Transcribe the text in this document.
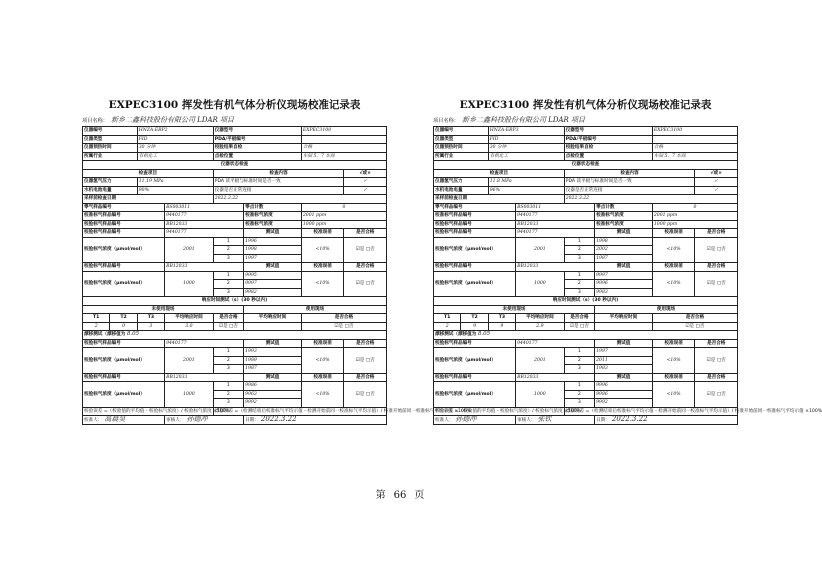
EXPEC3100 挥发性有机气体分析仪现场校准记录表
项目名称： 新乡二鑫科技股份有限公司 LDAR 项目
仪器编号		HNZA-EBP2		仪器型号		EXPEC3100	
仪器类型		FID		PDA/平板编号			
仪器预热时间		30 分钟		校验结果自检		合格	
所属行业		有机化工		点检位置		车间 5、7 车间	
仪器状态检查							
检查项目				检查内容			√或×
仪器氢气压力		11.19 MPa		PDA 读平板与标准时间是否一致			✓
水机电池电量		90%		仪器是否正常连接			✓
采样前检查日期				2022.3.22			
零气样品编号			BS003011		零点计数	0	
校准标气样品编号			9440177		校准标气浓度	2001 ppm	
校验标气样品编号			BB12033		校准标气浓度	1000 ppm	
校验标气样品编号			9440177		测试值	校准误差	是否合格
校验标气浓度（μmol/mol）			2001	1	1996	<10%	☑是 □否
				2	1998		
				3	1997		
校验标气样品编号			BB12033		测试值	校准误差	是否合格
校验标气浓度（μmol/mol）			1000	1	9995	<10%	☑是 □否
				2	9997		
				3	9982		
响应时间测试（s）(30 秒以内)							
未使用现场					使用现场		
T1	T2	T3	平均响应时间	是否合格	平均响应时间	是否合格	
2	0	3	3.0	☑是 □否		☑是 □否	
漂移测试（漂移值为 8.05							
校验标气样品编号			9440177		测试值	校准误差	是否合格
校验标气浓度（μmol/mol）			2001	1	1993	<10%	☑是 □否
				2	1989		
				3	1987		
校验标气样品编号			BB12033		测试值	校准误差	是否合格
校验标气浓度（μmol/mol）			1000	1	9986	<10%	☑是 □否
				2	9963		
				3	9992		
校验误差 =（校验值的平均值 - 校验标气浓度）/ 校验标气浓度 ×100%				漂移误差 =（检测结束后校准标气平均示值 - 检测开始前同一校准标气平均示值）/ 校准开始前同一校准标气平均示值 ×100%			
校准人： 高晨昊			审核人： 孙德冲		日期： 2022.3.22		
EXPEC3100 挥发性有机气体分析仪现场校准记录表
项目名称： 新乡二鑫科技股份有限公司 LDAR 项目
仪器编号		HNZA-EBP3		仪器型号		EXPEC3100	
仪器类型		FID		PDA/平板编号			
仪器预热时间		30 分钟		校验结果自检		合格	
所属行业		有机化工		点检位置		车间 5、7 车间	
仪器状态检查							
检查项目				检查内容			√或×
仪器氢气压力		11.8 MPa		PDA 读平板与标准时间是否一致			✓
水机电池电量		96%		仪器是否正常连接			✓
采样前检查日期				2022.3.22			
零气样品编号			BS003011		零点计数	0	
校准标气样品编号			9440177		校准标气浓度	2001 ppm	
校验标气样品编号			BB12033		校准标气浓度	1000 ppm	
校验标气样品编号			9440177		测试值	校准误差	是否合格
校验标气浓度（μmol/mol）			2001	1	1998	<10%	☑是 □否
				2	2002		
				3	1987		
校验标气样品编号			BB12033		测试值	校准误差	是否合格
校验标气浓度（μmol/mol）			1000	1	9997	<10%	☑是 □否
				2	9996		
				3	9983		
响应时间测试（s）(30 秒以内)							
未使用现场					使用现场		
T1	T2	T3	平均响应时间	是否合格	平均响应时间	是否合格	
2	9	9	2.9	☑是 □否		☑是 □否	
漂移测试（漂移值为 8.05							
校验标气样品编号			9440177		测试值	校准误差	是否合格
校验标气浓度（μmol/mol）			2001	1	1997	<10%	☑是 □否
				2	2011		
				3	1983		
校验标气样品编号			BB12033		测试值	校准误差	是否合格
校验标气浓度（μmol/mol）			1000	1	9996	<10%	☑是 □否
				2	9986		
				3	9992		
校验误差 =（校验值的平均值 - 校验标气浓度）/ 校验标气浓度 ×100%				漂移误差 =（检测结束后校准标气平均示值 - 检测开始前同一校准标气平均示值）/ 校准开始前同一校准标气平均示值 ×100%			
校准人： 孙德冲			审核人： 张钦		日期： 2022.3.22		
第 66 页
